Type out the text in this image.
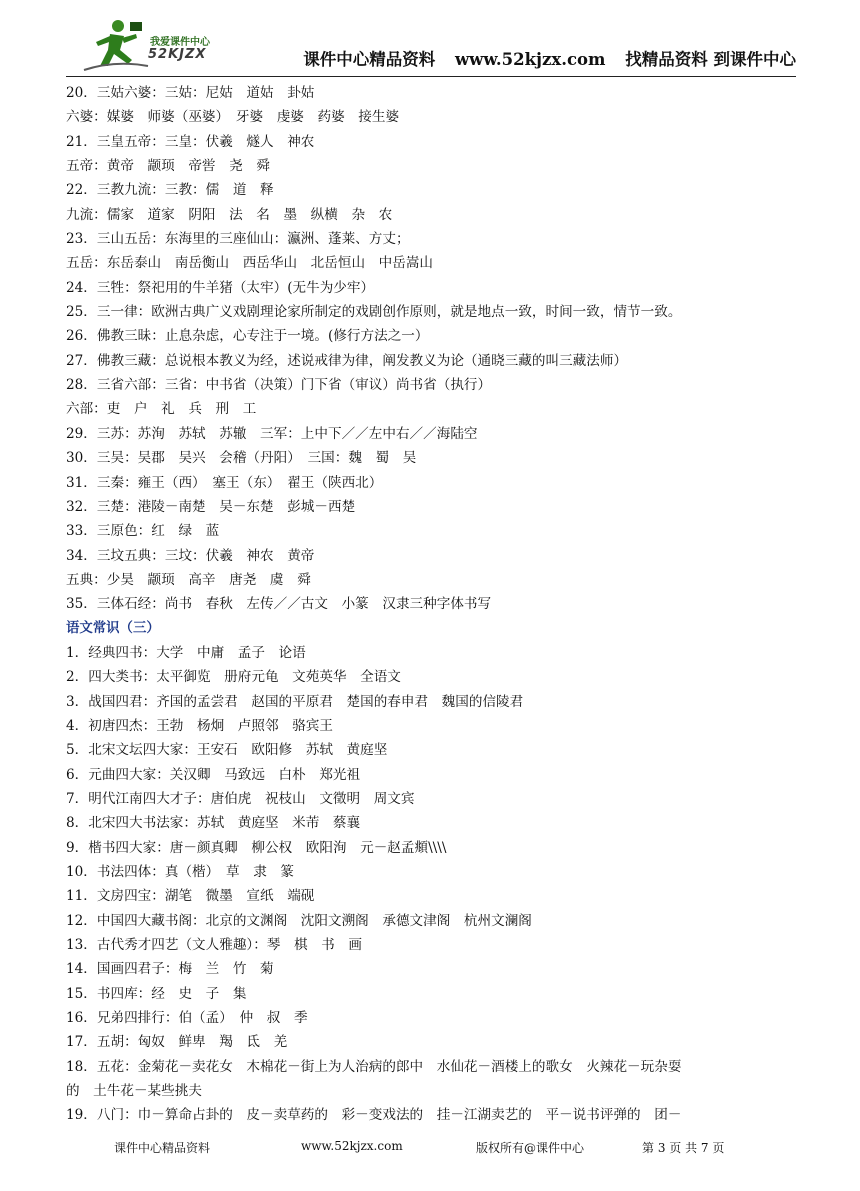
我爱课件中心
52KJZX	课件中心精品资料 www.52kjzx.com 找精品资料 到课件中心
20．三姑六婆：三姑：尼姑　道姑　卦姑
六婆：媒婆　师婆（巫婆）　牙婆　虔婆　药婆　接生婆
21．三皇五帝：三皇：伏羲　燧人　神农
五帝：黄帝　颛顼　帝喾　尧　舜
22．三教九流：三教：儒　道　释
九流：儒家　道家　阴阳　法　名　墨　纵横　杂　农
23．三山五岳：东海里的三座仙山：瀛洲、蓬莱、方丈；
五岳：东岳泰山　南岳衡山　西岳华山　北岳恒山　中岳嵩山
24．三牲：祭祀用的牛羊猪（太牢）(无牛为少牢）
25．三一律：欧洲古典广义戏剧理论家所制定的戏剧创作原则，就是地点一致，时间一致，情节一致。
26．佛教三昧：止息杂虑，心专注于一境。(修行方法之一）
27．佛教三藏：总说根本教义为经，述说戒律为律，阐发教义为论（通晓三藏的叫三藏法师）
28．三省六部：三省：中书省（决策）门下省（审议）尚书省（执行）
六部：吏　户　礼　兵　刑　工
29．三苏：苏洵　苏轼　苏辙　三军：上中下／／左中右／／海陆空
30．三吴：吴郡　吴兴　会稽（丹阳）　三国：魏　蜀　吴
31．三秦：雍王（西）　塞王（东）　翟王（陕西北）
32．三楚：港陵－南楚　吴－东楚　彭城－西楚
33．三原色：红　绿　蓝
34．三坟五典：三坟：伏羲　神农　黄帝
五典：少昊　颛顼　高辛　唐尧　虞　舜
35．三体石经：尚书　春秋　左传／／古文　小篆　汉隶三种字体书写
语文常识（三）
1．经典四书：大学　中庸　孟子　论语
2．四大类书：太平御览　册府元龟　文苑英华　全语文
3．战国四君：齐国的孟尝君　赵国的平原君　楚国的春申君　魏国的信陵君
4．初唐四杰：王勃　杨炯　卢照邻　骆宾王
5．北宋文坛四大家：王安石　欧阳修　苏轼　黄庭坚
6．元曲四大家：关汉卿　马致远　白朴　郑光祖
7．明代江南四大才子：唐伯虎　祝枝山　文徵明　周文宾
8．北宋四大书法家：苏轼　黄庭坚　米芾　蔡襄
9．楷书四大家：唐－颜真卿　柳公权　欧阳洵　元－赵孟頫\\\\
10．书法四体：真（楷）　草　隶　篆
11．文房四宝：湖笔　微墨　宣纸　端砚
12．中国四大藏书阁：北京的文渊阁　沈阳文溯阁　承德文津阁　杭州文澜阁
13．古代秀才四艺（文人雅趣）：琴　棋　书　画
14．国画四君子：梅　兰　竹　菊
15．书四库：经　史　子　集
16．兄弟四排行：伯（孟）　仲　叔　季
17．五胡：匈奴　鲜卑　羯　氐　羌
18．五花：金菊花－卖花女　木棉花－街上为人治病的郎中　水仙花－酒楼上的歌女　火辣花－玩杂耍
的　土牛花－某些挑夫
19．八门：巾－算命占卦的　皮－卖草药的　彩－变戏法的　挂－江湖卖艺的　平－说书评弹的　团－
课件中心精品资料	www.52kjzx.com	版权所有@课件中心	第 3 页 共 7 页
